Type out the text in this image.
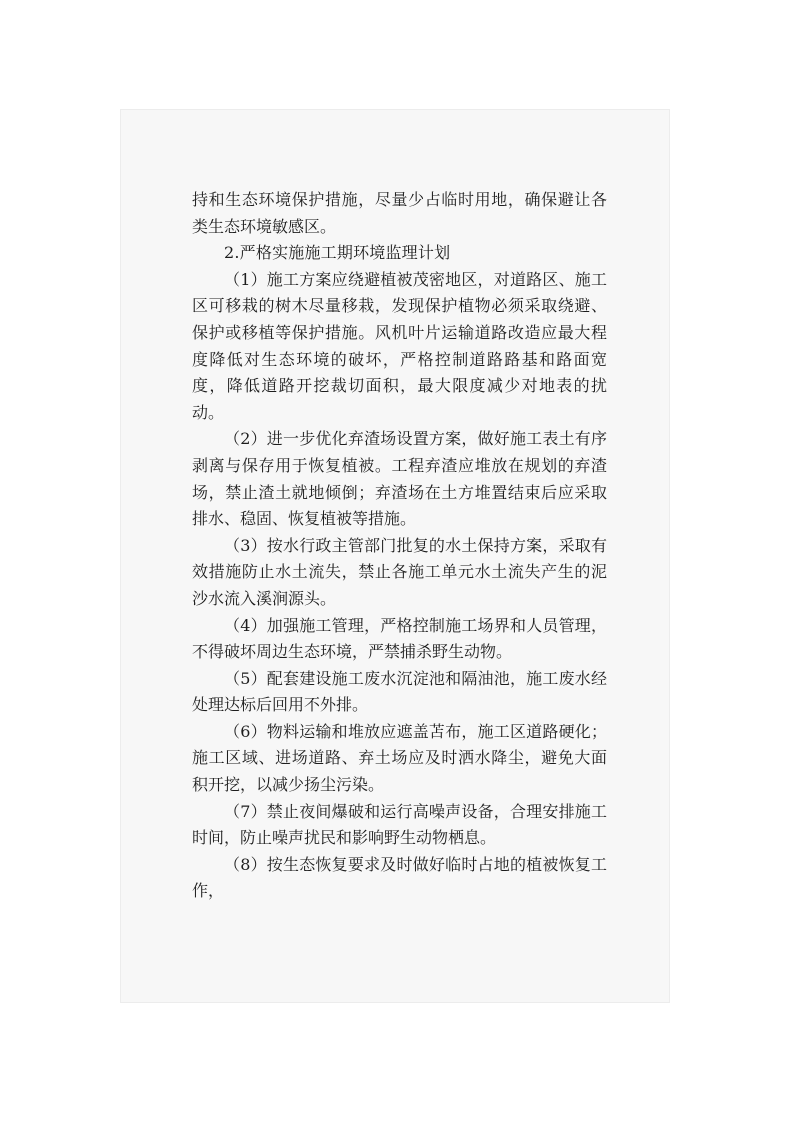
持和生态环境保护措施，尽量少占临时用地，确保避让各类生态环境敏感区。

2.严格实施施工期环境监理计划

（1）施工方案应绕避植被茂密地区，对道路区、施工区可移栽的树木尽量移栽，发现保护植物必须采取绕避、保护或移植等保护措施。风机叶片运输道路改造应最大程度降低对生态环境的破坏，严格控制道路路基和路面宽度，降低道路开挖裁切面积，最大限度减少对地表的扰动。

（2）进一步优化弃渣场设置方案，做好施工表土有序剥离与保存用于恢复植被。工程弃渣应堆放在规划的弃渣场，禁止渣土就地倾倒；弃渣场在土方堆置结束后应采取排水、稳固、恢复植被等措施。

（3）按水行政主管部门批复的水土保持方案，采取有效措施防止水土流失，禁止各施工单元水土流失产生的泥沙水流入溪涧源头。

（4）加强施工管理，严格控制施工场界和人员管理，不得破坏周边生态环境，严禁捕杀野生动物。

（5）配套建设施工废水沉淀池和隔油池，施工废水经处理达标后回用不外排。

（6）物料运输和堆放应遮盖苫布，施工区道路硬化；施工区域、进场道路、弃土场应及时洒水降尘，避免大面积开挖，以减少扬尘污染。

（7）禁止夜间爆破和运行高噪声设备，合理安排施工时间，防止噪声扰民和影响野生动物栖息。

（8）按生态恢复要求及时做好临时占地的植被恢复工作，
